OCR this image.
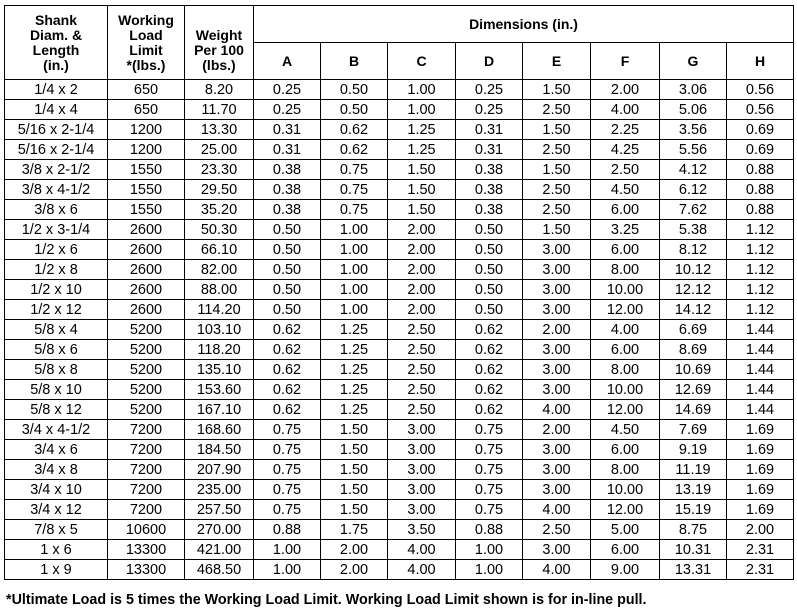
Shank
Diam. &
Length
(in.)	Working
Load
Limit
*(lbs.)	Weight
Per 100
(lbs.)	Dimensions (in.)							
			A	B	C	D	E	F	G	H
1/4 x 2	650	8.20	0.25	0.50	1.00	0.25	1.50	2.00	3.06	0.56
1/4 x 4	650	11.70	0.25	0.50	1.00	0.25	2.50	4.00	5.06	0.56
5/16 x 2-1/4	1200	13.30	0.31	0.62	1.25	0.31	1.50	2.25	3.56	0.69
5/16 x 2-1/4	1200	25.00	0.31	0.62	1.25	0.31	2.50	4.25	5.56	0.69
3/8 x 2-1/2	1550	23.30	0.38	0.75	1.50	0.38	1.50	2.50	4.12	0.88
3/8 x 4-1/2	1550	29.50	0.38	0.75	1.50	0.38	2.50	4.50	6.12	0.88
3/8 x 6	1550	35.20	0.38	0.75	1.50	0.38	2.50	6.00	7.62	0.88
1/2 x 3-1/4	2600	50.30	0.50	1.00	2.00	0.50	1.50	3.25	5.38	1.12
1/2 x 6	2600	66.10	0.50	1.00	2.00	0.50	3.00	6.00	8.12	1.12
1/2 x 8	2600	82.00	0.50	1.00	2.00	0.50	3.00	8.00	10.12	1.12
1/2 x 10	2600	88.00	0.50	1.00	2.00	0.50	3.00	10.00	12.12	1.12
1/2 x 12	2600	114.20	0.50	1.00	2.00	0.50	3.00	12.00	14.12	1.12
5/8 x 4	5200	103.10	0.62	1.25	2.50	0.62	2.00	4.00	6.69	1.44
5/8 x 6	5200	118.20	0.62	1.25	2.50	0.62	3.00	6.00	8.69	1.44
5/8 x 8	5200	135.10	0.62	1.25	2.50	0.62	3.00	8.00	10.69	1.44
5/8 x 10	5200	153.60	0.62	1.25	2.50	0.62	3.00	10.00	12.69	1.44
5/8 x 12	5200	167.10	0.62	1.25	2.50	0.62	4.00	12.00	14.69	1.44
3/4 x 4-1/2	7200	168.60	0.75	1.50	3.00	0.75	2.00	4.50	7.69	1.69
3/4 x 6	7200	184.50	0.75	1.50	3.00	0.75	3.00	6.00	9.19	1.69
3/4 x 8	7200	207.90	0.75	1.50	3.00	0.75	3.00	8.00	11.19	1.69
3/4 x 10	7200	235.00	0.75	1.50	3.00	0.75	3.00	10.00	13.19	1.69
3/4 x 12	7200	257.50	0.75	1.50	3.00	0.75	4.00	12.00	15.19	1.69
7/8 x 5	10600	270.00	0.88	1.75	3.50	0.88	2.50	5.00	8.75	2.00
1 x 6	13300	421.00	1.00	2.00	4.00	1.00	3.00	6.00	10.31	2.31
1 x 9	13300	468.50	1.00	2.00	4.00	1.00	4.00	9.00	13.31	2.31
*Ultimate Load is 5 times the Working Load Limit. Working Load Limit shown is for in-line pull.
